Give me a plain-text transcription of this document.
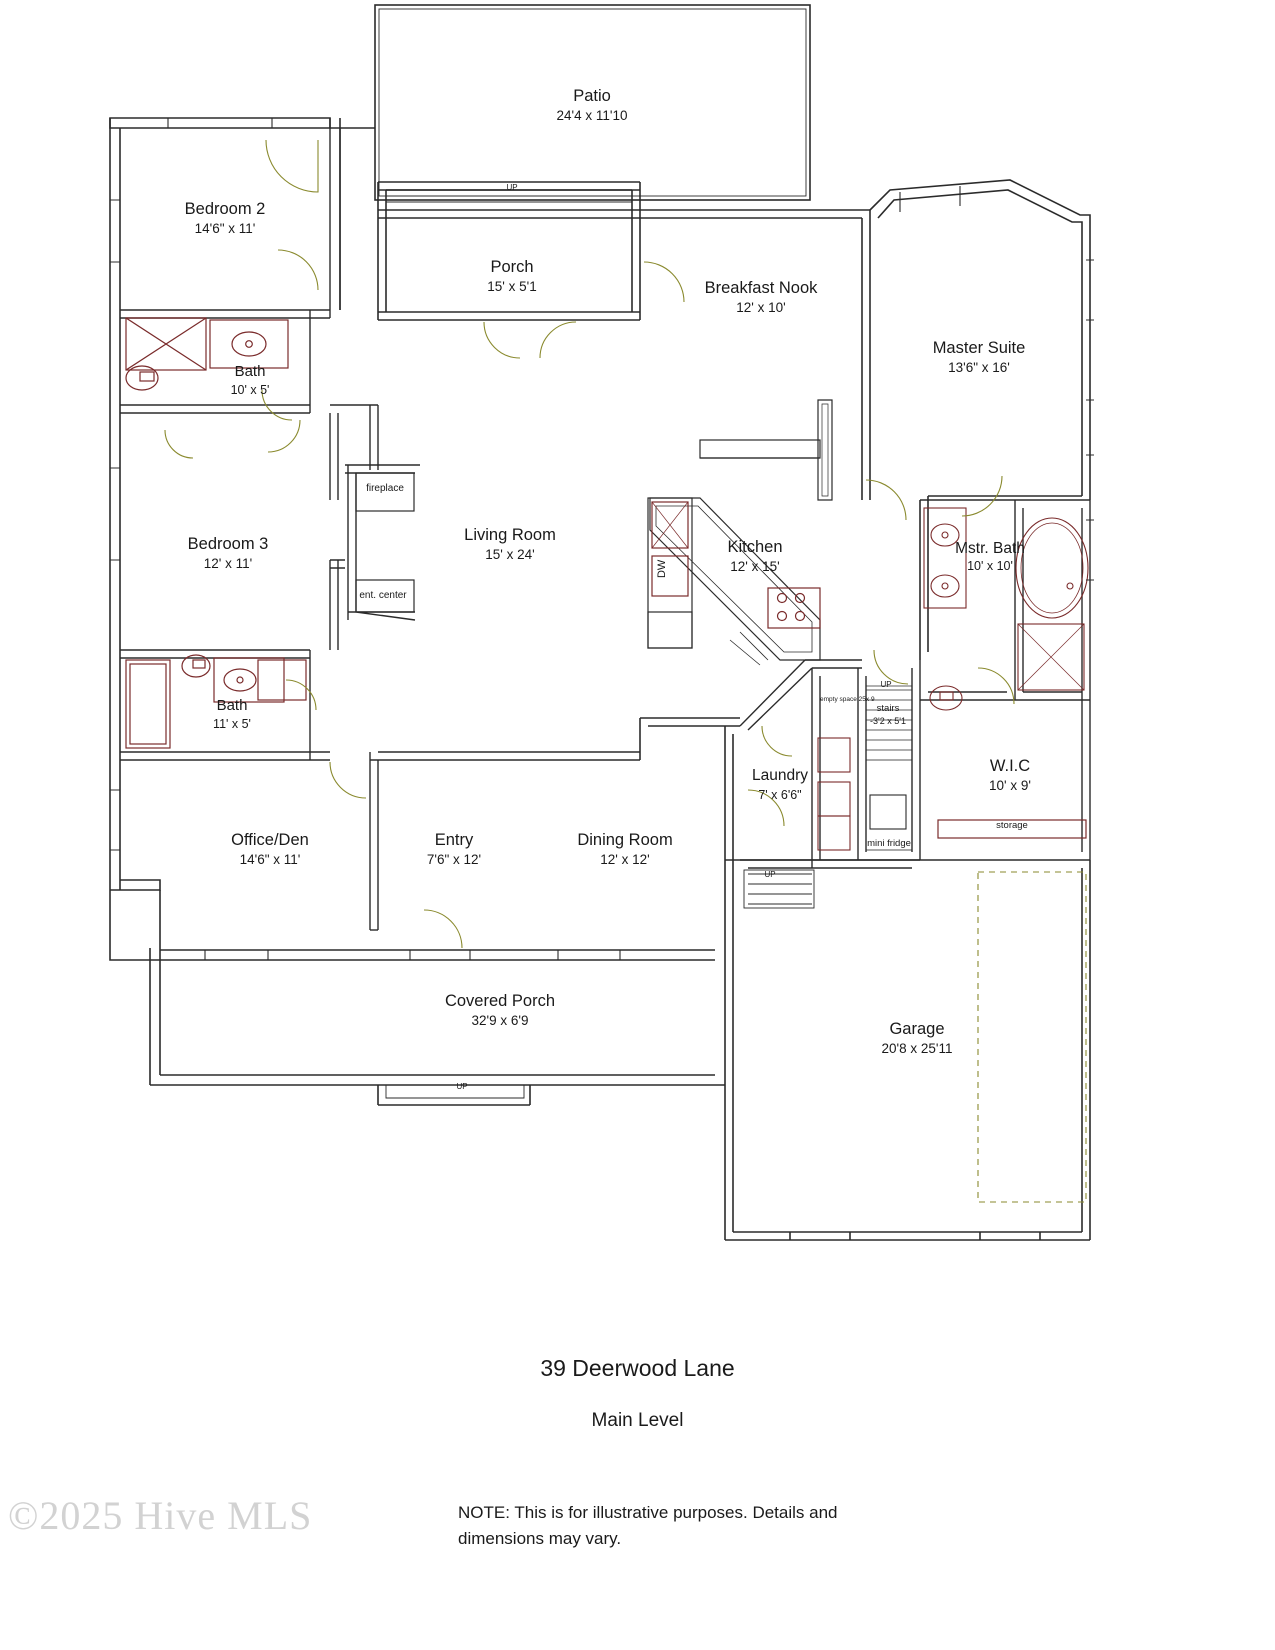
Patio
24'4 x 11'10
Bedroom 2
14'6" x 11'
Porch
15' x 5'1	Breakfast Nook
12' x 10'
Master Suite
13'6" x 16'
Bath
10' x 5'
Living Room
15' x 24'	Kitchen
12' x 15'
Mstr. Bath
10' x 10'
Bedroom 3
12' x 11'
Bath
11' x 5'
W.I.C
10' x 9'
Laundry
7' x 6'6"
Office/Den
14'6" x 11'
Entry
7'6" x 12'
Dining Room
12' x 12'
Covered Porch
32'9 x 6'9	Garage
20'8 x 25'11
fireplace
ent. center
storage
mini fridge
DW
stairs
-3'2 x 5'1
empty space 25x 9
UP
UP
UP
UP
39 Deerwood Lane
Main Level
NOTE: This is for illustrative purposes. Details and dimensions may vary.
©2025 Hive MLS
